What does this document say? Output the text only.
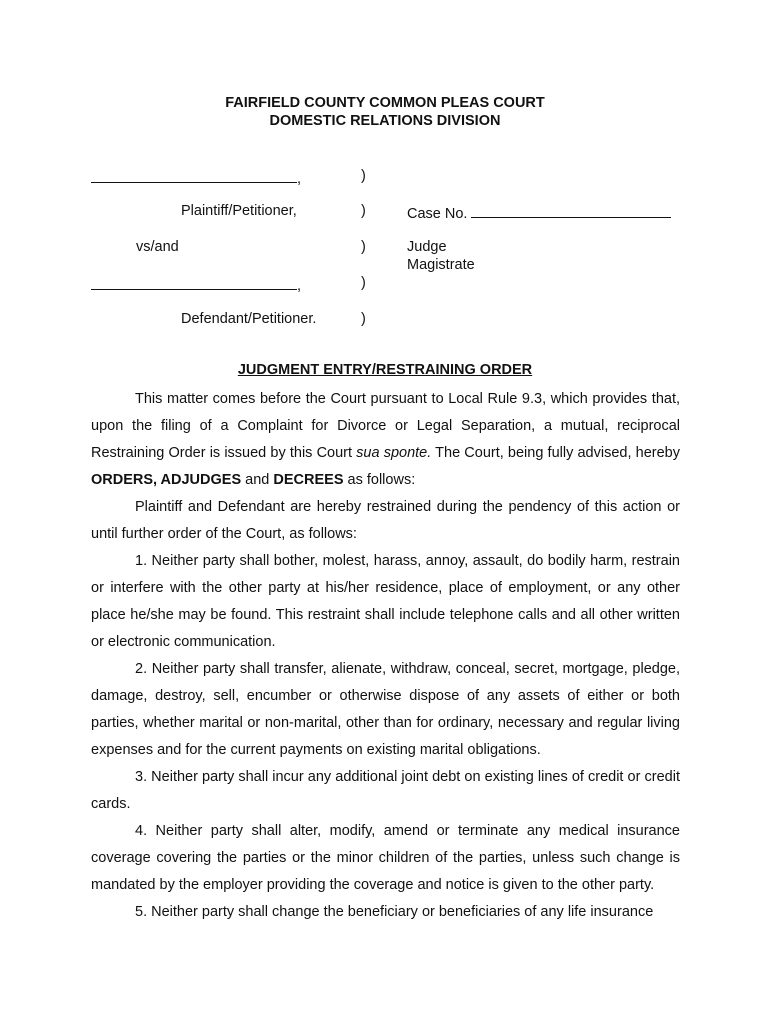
FAIRFIELD COUNTY COMMON PLEAS COURT
DOMESTIC RELATIONS DIVISION
,	)
Plaintiff/Petitioner,	)	Case No.
vs/and	)	Judge
Magistrate
,	)
Defendant/Petitioner.	)
JUDGMENT ENTRY/RESTRAINING ORDER

This matter comes before the Court pursuant to Local Rule 9.3, which provides that, upon the filing of a Complaint for Divorce or Legal Separation, a mutual, reciprocal Restraining Order is issued by this Court sua sponte. The Court, being fully advised, hereby ORDERS, ADJUDGES and DECREES as follows:

Plaintiff and Defendant are hereby restrained during the pendency of this action or until further order of the Court, as follows:

1. Neither party shall bother, molest, harass, annoy, assault, do bodily harm, restrain or interfere with the other party at his/her residence, place of employment, or any other place he/she may be found. This restraint shall include telephone calls and all other written or electronic communication.

2. Neither party shall transfer, alienate, withdraw, conceal, secret, mortgage, pledge, damage, destroy, sell, encumber or otherwise dispose of any assets of either or both parties, whether marital or non-marital, other than for ordinary, necessary and regular living expenses and for the current payments on existing marital obligations.

3. Neither party shall incur any additional joint debt on existing lines of credit or credit cards.

4. Neither party shall alter, modify, amend or terminate any medical insurance coverage covering the parties or the minor children of the parties, unless such change is mandated by the employer providing the coverage and notice is given to the other party.

5. Neither party shall change the beneficiary or beneficiaries of any life insurance
